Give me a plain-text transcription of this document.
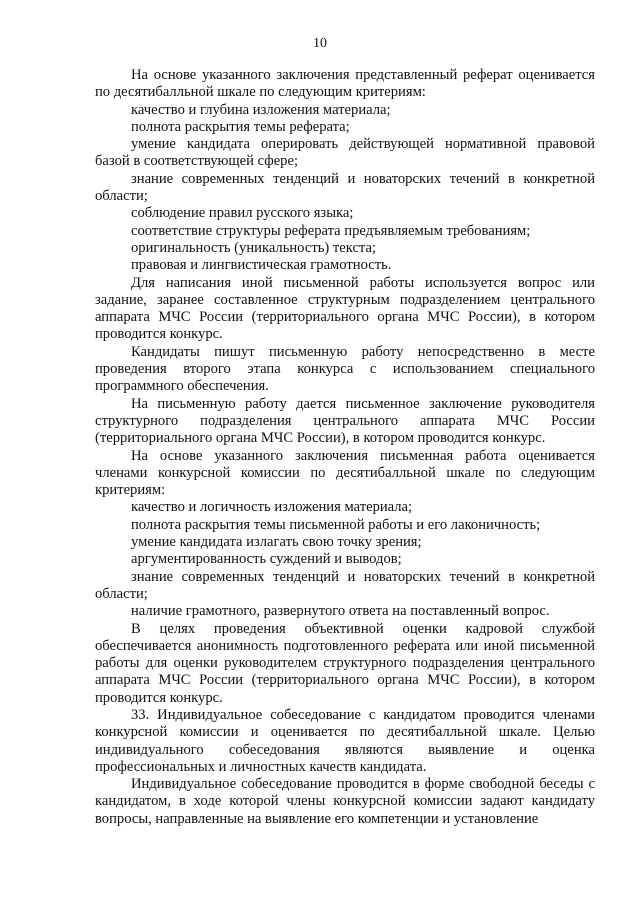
10

На основе указанного заключения представленный реферат оценивается по десятибалльной шкале по следующим критериям:

качество и глубина изложения материала;

полнота раскрытия темы реферата;

умение кандидата оперировать действующей нормативной правовой базой в соответствующей сфере;

знание современных тенденций и новаторских течений в конкретной области;

соблюдение правил русского языка;

соответствие структуры реферата предъявляемым требованиям;

оригинальность (уникальность) текста;

правовая и лингвистическая грамотность.

Для написания иной письменной работы используется вопрос или задание, заранее составленное структурным подразделением центрального аппарата МЧС России (территориального органа МЧС России), в котором проводится конкурс.

Кандидаты пишут письменную работу непосредственно в месте проведения второго этапа конкурса с использованием специального программного обеспечения.

На письменную работу дается письменное заключение руководителя структурного подразделения центрального аппарата МЧС России (территориального органа МЧС России), в котором проводится конкурс.

На основе указанного заключения письменная работа оценивается членами конкурсной комиссии по десятибалльной шкале по следующим критериям:

качество и логичность изложения материала;

полнота раскрытия темы письменной работы и его лаконичность;

умение кандидата излагать свою точку зрения;

аргументированность суждений и выводов;

знание современных тенденций и новаторских течений в конкретной области;

наличие грамотного, развернутого ответа на поставленный вопрос.

В целях проведения объективной оценки кадровой службой обеспечивается анонимность подготовленного реферата или иной письменной работы для оценки руководителем структурного подразделения центрального аппарата МЧС России (территориального органа МЧС России), в котором проводится конкурс.

33. Индивидуальное собеседование с кандидатом проводится членами конкурсной комиссии и оценивается по десятибалльной шкале. Целью индивидуального собеседования являются выявление и оценка профессиональных и личностных качеств кандидата.

Индивидуальное собеседование проводится в форме свободной беседы с кандидатом, в ходе которой члены конкурсной комиссии задают кандидату вопросы, направленные на выявление его компетенции и установление
